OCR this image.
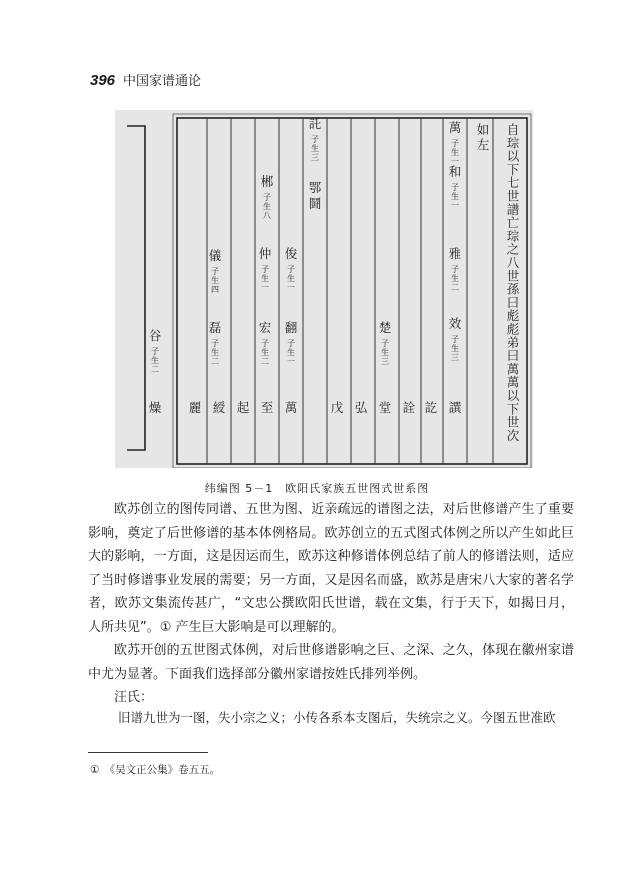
396 中国家谱通论
自
琮
以
下
七
世
譜
亡
琮
之
八
世
孫
曰
彪
彪
弟
曰
萬
萬
以
下
世
次
如
左
萬
子
生
一
和
子
生
一
雅
子
生
二
效
子
生
三
託
子
生
三
郴
子
生
八
俊
子
生
一
仲
子
生
一
儀
子
生
四
楚
子
生
三
翻
子
生
一
宏
子
生
二
磊
子
生
二
谷
子
生
二
鄂
鬪
譔
訖
詮
堂
弘
戊
萬
至
起
綬
麗
燥
纬编图 5－1　欧阳氏家族五世图式世系图

欧苏创立的图传同谱、五世为图、近亲疏远的谱图之法，对后世修谱产生了重要影响，奠定了后世修谱的基本体例格局。欧苏创立的五式图式体例之所以产生如此巨大的影响，一方面，这是因运而生，欧苏这种修谱体例总结了前人的修谱法则，适应了当时修谱事业发展的需要；另一方面，又是因名而盛，欧苏是唐宋八大家的著名学者，欧苏文集流传甚广，“文忠公撰欧阳氏世谱，载在文集，行于天下，如揭日月，人所共见”。① 产生巨大影响是可以理解的。

欧苏开创的五世图式体例，对后世修谱影响之巨、之深、之久，体现在徽州家谱中尤为显著。下面我们选择部分徽州家谱按姓氏排列举例。

汪氏：

旧谱九世为一图，失小宗之义；小传各系本支图后，失统宗之义。今图五世准欧
①　《吴文正公集》卷五五。
